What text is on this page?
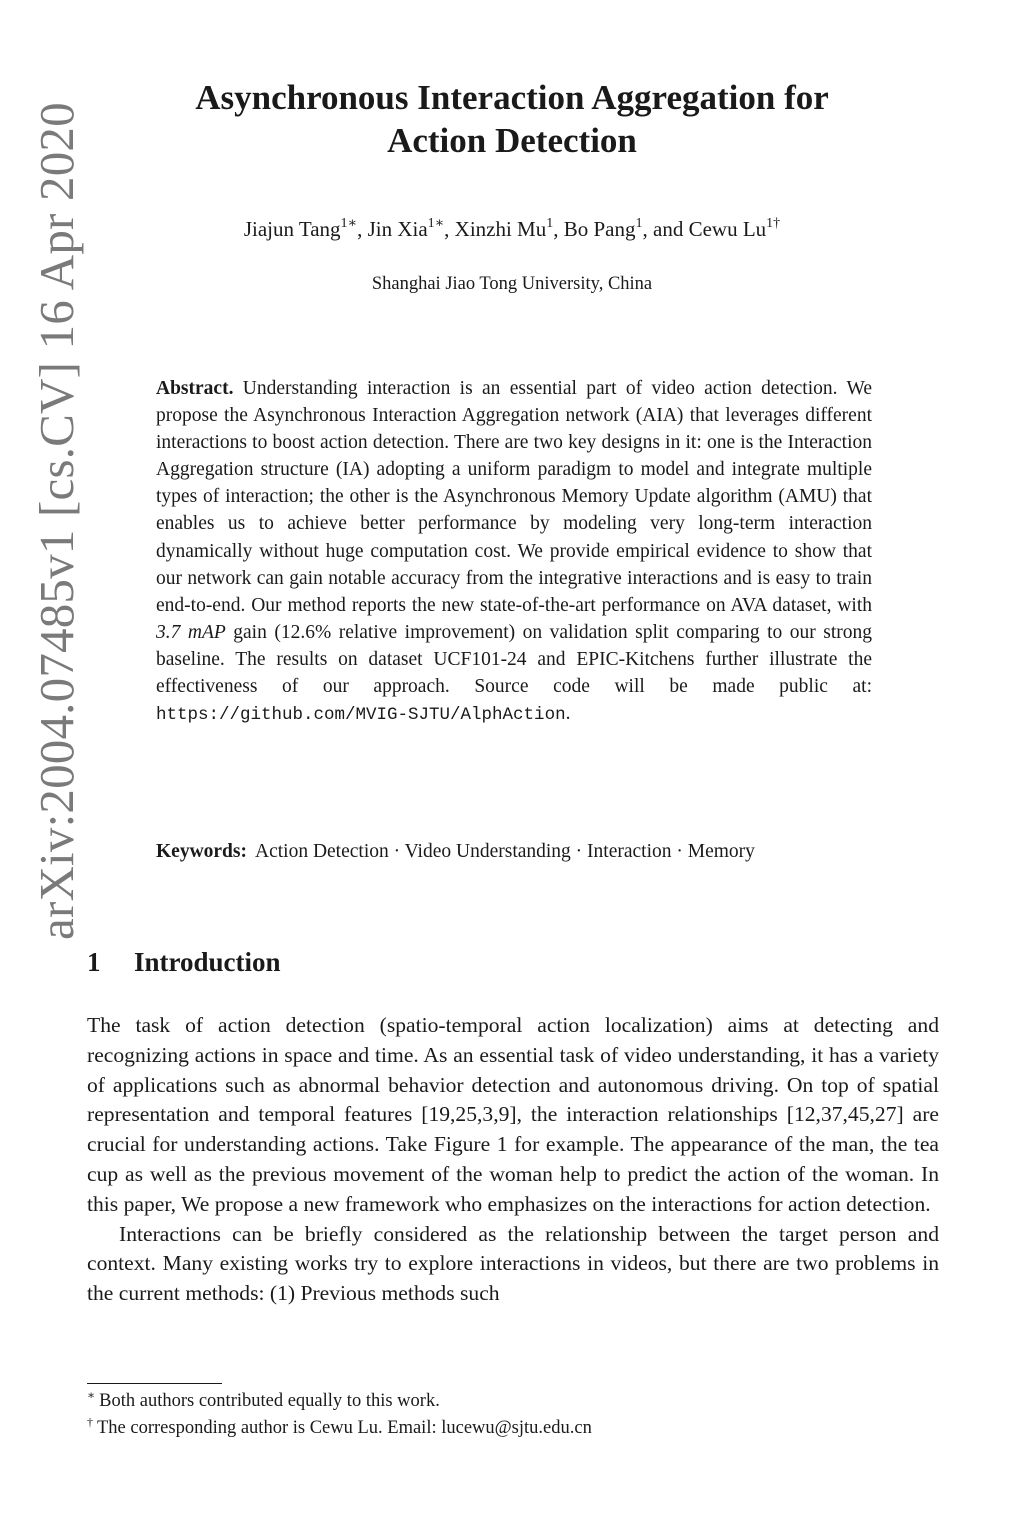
arXiv:2004.07485v1 [cs.CV] 16 Apr 2020
Asynchronous Interaction Aggregation for
Action Detection
Jiajun Tang$^{1∗}$, Jin Xia$^{1∗}$, Xinzhi Mu$^1$, Bo Pang$^1$, and Cewu $Lu^{1\dagger}$
Shanghai Jiao Tong University, China

Abstract. Understanding interaction is an essential part of video action detection. We propose the Asynchronous Interaction Aggregation network (AIA) that leverages different interactions to boost action detection. There are two key designs in it: one is the Interaction Aggregation structure (IA) adopting a uniform paradigm to model and integrate multiple types of interaction; the other is the Asynchronous Memory Update algorithm (AMU) that enables us to achieve better performance by modeling very long-term interaction dynamically without huge computation cost. We provide empirical evidence to show that our network can gain notable accuracy from the integrative interactions and is easy to train end-to-end. Our method reports the new state-of-the-art performance on AVA dataset, with 3.7 mAP gain (12.6% relative improvement) on validation split comparing to our strong baseline. The results on dataset UCF101-24 and EPIC-Kitchens further illustrate the effectiveness of our approach. Source code will be made public at: https://github.com/MVIG-SJTU/AlphAction.

Keywords: Action Detection · Video Understanding · Interaction · Memory
1 Introduction

The task of action detection (spatio-temporal action localization) aims at detecting and recognizing actions in space and time. As an essential task of video understanding, it has a variety of applications such as abnormal behavior detection and autonomous driving. On top of spatial representation and temporal features [19,25,3,9], the interaction relationships [12,37,45,27] are crucial for understanding actions. Take Figure 1 for example. The appearance of the man, the tea cup as well as the previous movement of the woman help to predict the action of the woman. In this paper, We propose a new framework who emphasizes on the interactions for action detection.

Interactions can be briefly considered as the relationship between the target person and context. Many existing works try to explore interactions in videos, but there are two problems in the current methods: (1) Previous methods such

∗ Both authors contributed equally to this work.

† The corresponding author is Cewu Lu. Email: lucewu@sjtu.edu.cn
